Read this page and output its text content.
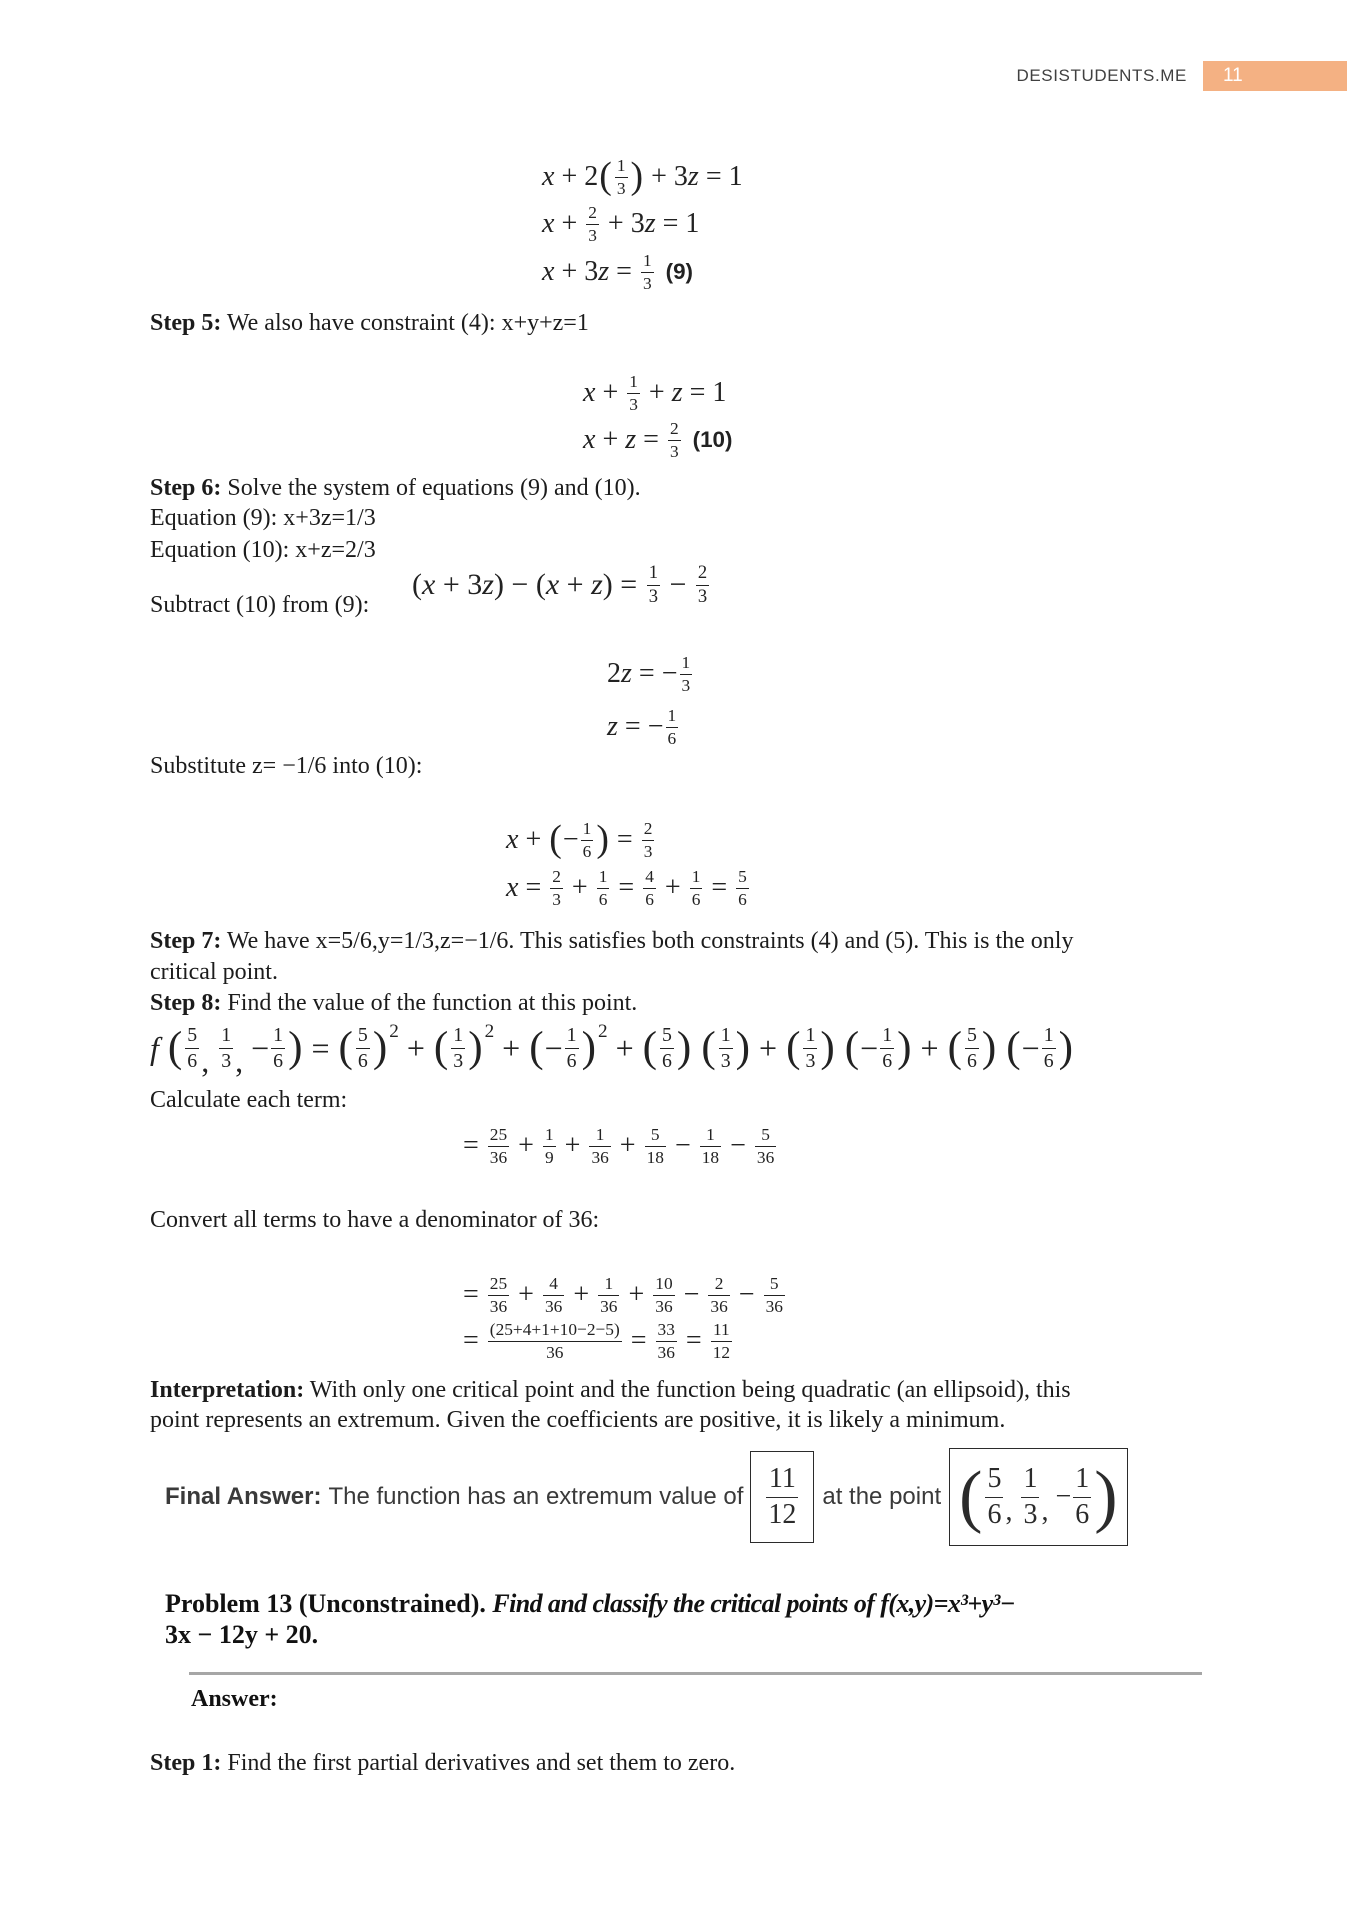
DESISTUDENTS.ME	11
x + 2 ( $\frac{1}{3}$ ) + 3z = 1
$x + \frac{2}{3} + 3z = 1$
$x + 3z = \frac{1}{3} (9)$

Step 5: We also have constraint (4): x+y+z=1

$x + \frac{1}{3} + z = 1$
$x + z = \frac{2}{3} (10)$

Step 6: Solve the system of equations (9) and (10).

Equation (9): x+3z=1/3

Equation (10): x+z=2/3

Subtract (10) from (9):

$(x + 3z) - (x + z) = \frac{1}{3} - \frac{2}{3}$
2z = − $\frac{1}{3}$
z = − $\frac{1}{6}$

Substitute z= −1/6 into (10):

x + ( − $\frac{1}{6}$ ) = $\frac{2}{3}$
$x = \frac{2}{3} + \frac{1}{6} = \frac{4}{6} + \frac{1}{6} = \frac{5}{6}$

Step 7: We have x=5/6,y=1/3,z=−1/6. This satisfies both constraints (4) and (5). This is the only

critical point.

Step 8: Find the value of the function at this point.

f ( $\frac{5}{6}$ , $\frac{1}{3}$ , − $\frac{1}{6}$ ) = ( $\frac{5}{6}$ ) 2 + ( $\frac{1}{3}$ ) 2 + ( − $\frac{1}{6}$ ) 2 + ( $\frac{5}{6}$ )
( $\frac{1}{3}$ ) + ( $\frac{1}{3}$ )
( − $\frac{1}{6}$ ) + ( $\frac{5}{6}$ )
( − $\frac{1}{6}$ )

Calculate each term:

= $\frac{25}{36} + \frac{1}{9} + \frac{1}{36} + \frac{5}{18} - \frac{1}{18} - \frac{5}{36}$

Convert all terms to have a denominator of 36:

= $\frac{25}{36} + \frac{4}{36} + \frac{1}{36} + \frac{10}{36} - \frac{2}{36} - \frac{5}{36}$
= $\frac{(25+4+1+10-2-5)}{36} = \frac{33}{36} = \frac{11}{12}$

Interpretation: With only one critical point and the function being quadratic (an ellipsoid), this

point represents an extremum. Given the coefficients are positive, it is likely a minimum.

Final Answer: The function has an extremum value of $\frac{11}{12}$ at the point ( $\frac{5}{6}$ , $\frac{1}{3}$ , − $\frac{1}{6}$ )

Problem 13 (Unconstrained). Find and classify the critical points of f(x,y)=x³+y³−

3x − 12y + 20.

Answer:

Step 1: Find the first partial derivatives and set them to zero.
